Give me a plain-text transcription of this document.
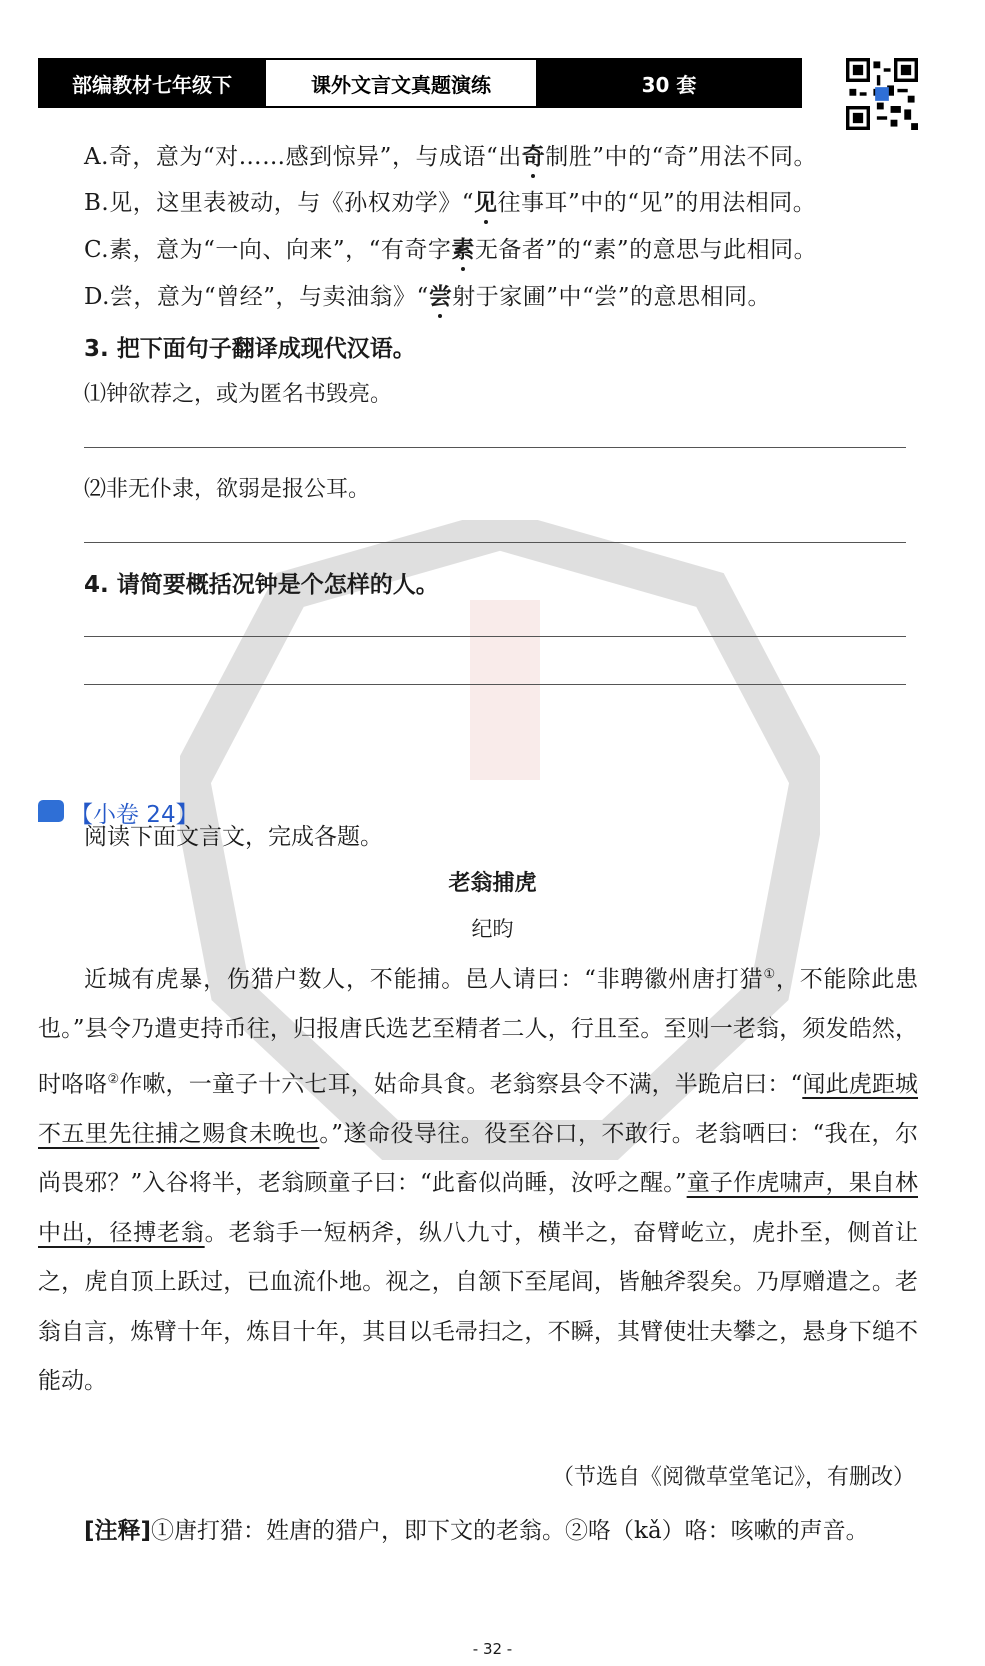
部编教材七年级下	课外文言文真题演练	30 套
A.奇，意为“对……感到惊异”，与成语“出奇制胜”中的“奇”用法不同。
B.见，这里表被动，与《孙权劝学》“见往事耳”中的“见”的用法相同。
C.素，意为“一向、向来”，“有奇字素无备者”的“素”的意思与此相同。
D.尝，意为“曾经”，与卖油翁》“尝射于家圃”中“尝”的意思相同。
3. 把下面句子翻译成现代汉语。
⑴钟欲荐之，或为匿名书毁亮。
⑵非无仆隶，欲弱是报公耳。
4. 请简要概括况钟是个怎样的人。
【小卷 24】
阅读下面文言文，完成各题。
老翁捕虎
纪昀

近城有虎暴，伤猎户数人，不能捕。邑人请曰：“非聘徽州唐打猎①，不能除此患也。”县令乃遣吏持币往，归报唐氏选艺至精者二人，行且至。至则一老翁，须发皓然，时咯咯②作嗽，一童子十六七耳，姑命具食。老翁察县令不满，半跪启曰：“闻此虎距城不五里先往捕之赐食未晚也。”遂命役导往。役至谷口，不敢行。老翁哂曰：“我在，尔尚畏邪？”入谷将半，老翁顾童子曰：“此畜似尚睡，汝呼之醒。”童子作虎啸声，果自林中出，径搏老翁。老翁手一短柄斧，纵八九寸，横半之，奋臂屹立，虎扑至，侧首让之，虎自顶上跃过，已血流仆地。视之，自颔下至尾闾，皆触斧裂矣。乃厚赠遣之。老翁自言，炼臂十年，炼目十年，其目以毛帚扫之，不瞬，其臂使壮夫攀之，悬身下缒不能动。

（节选自《阅微草堂笔记》，有删改）
[注释]①唐打猎：姓唐的猎户，即下文的老翁。②咯（kǎ）咯：咳嗽的声音。
- 32 -
